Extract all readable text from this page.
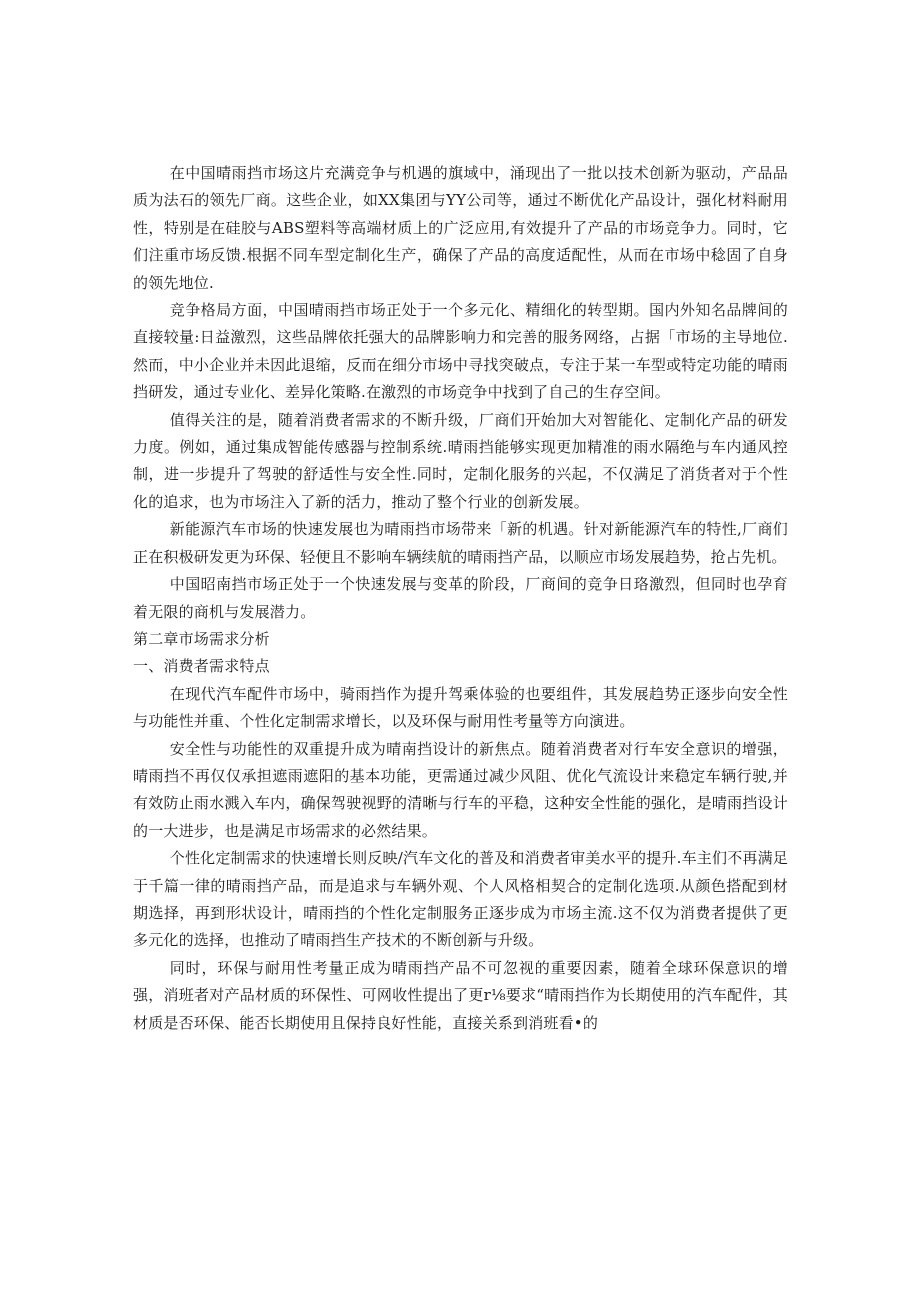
在中国晴雨挡市场这片充满竞争与机遇的旗域中，涌现出了一批以技术创新为驱动，产品品质为法石的领先厂商。这些企业，如XX集团与YY公司等，通过不断优化产品设计，强化材料耐用性，特别是在硅胶与ABS塑料等高端材质上的广泛应用,有效提升了产品的市场竞争力。同时，它们注重市场反馈.根据不同车型定制化生产，确保了产品的高度适配性，从而在市场中稔固了自身的领先地位.

竞争格局方面，中国晴雨挡市场正处于一个多元化、精细化的转型期。国内外知名品牌间的直接较量:日益激烈，这些品牌依托强大的品牌影响力和完善的服务网络，占据「市场的主导地位.然而，中小企业并未因此退缩，反而在细分市场中寻找突破点，专注于某一车型或特定功能的晴雨挡研发，通过专业化、差异化策略.在激烈的市场竞争中找到了自己的生存空间。

值得关注的是，随着消费者需求的不断升级，厂商们开始加大对智能化、定制化产品的研发力度。例如，通过集成智能传感器与控制系统.晴雨挡能够实现更加精准的雨水隔绝与车内通风控制，进一步提升了驾驶的舒适性与安全性.同时，定制化服务的兴起，不仅满足了消货者对于个性化的追求，也为市场注入了新的活力，推动了整个行业的创新发展。

新能源汽车市场的快速发展也为晴雨挡市场带来「新的机遇。针对新能源汽车的特性,厂商们正在积极研发更为环保、轻便且不影响车辆续航的晴雨挡产品，以顺应市场发展趋势，抢占先机。

中国昭南挡市场正处于一个快速发展与变革的阶段，厂商间的竞争日珞激烈，但同时也孕育着无限的商机与发展潜力。

第二章市场需求分析

一、消费者需求特点

在现代汽车配件市场中，骑雨挡作为提升驾乘体验的也要组件，其发展趋势正逐步向安全性与功能性并重、个性化定制需求增长，以及环保与耐用性考量等方向演进。

安全性与功能性的双重提升成为晴南挡设计的新焦点。随着消费者对行车安全意识的增强，晴雨挡不再仅仅承担遮雨遮阳的基本功能，更需通过减少风阻、优化气流设计来稳定车辆行驶,并有效防止雨水溅入车内，确保驾驶视野的清晰与行车的平稳，这种安全性能的强化，是晴雨挡设计的一大进步，也是满足市场需求的必然结果。

个性化定制需求的快速增长则反映/汽车文化的普及和消费者审美水平的提升.车主们不再满足于千篇一律的晴雨挡产品，而是追求与车辆外观、个人风格相契合的定制化选项.从颜色搭配到材期选择，再到形状设计，晴雨挡的个性化定制服务正逐步成为市场主流.这不仅为消费者提供了更多元化的选择，也推动了晴雨挡生产技术的不断创新与升级。

同时，环保与耐用性考量正成为晴雨挡产品不可忽视的重要因素，随着全球环保意识的增强，消班者对产品材质的环保性、可网收性提出了更r⅛要求“晴雨挡作为长期使用的汽车配件，其材质是否环保、能否长期使用且保持良好性能，直接关系到消班看•的
